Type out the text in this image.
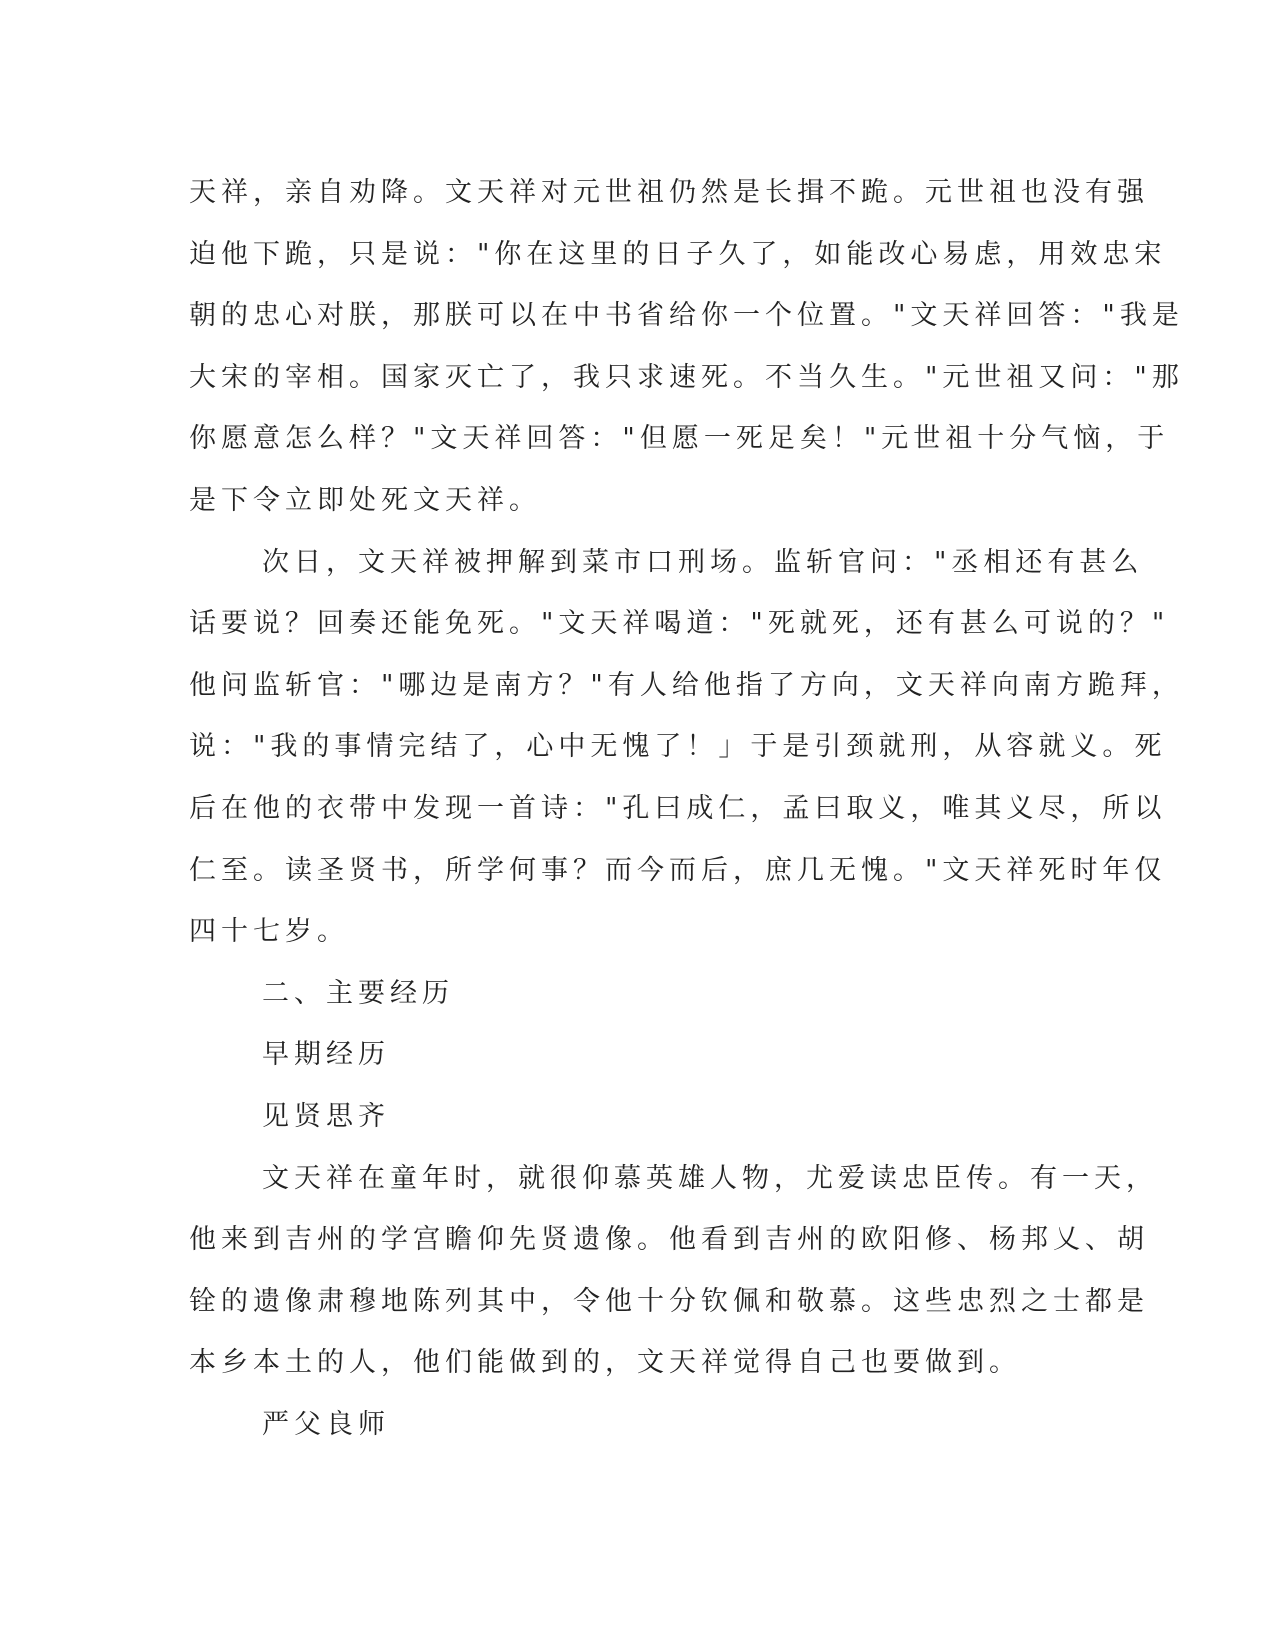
天祥，亲自劝降。文天祥对元世祖仍然是长揖不跪。元世祖也没有强
迫他下跪，只是说："你在这里的日子久了，如能改心易虑，用效忠宋
朝的忠心对朕，那朕可以在中书省给你一个位置。"文天祥回答："我是
大宋的宰相。国家灭亡了，我只求速死。不当久生。"元世祖又问："那
你愿意怎么样？"文天祥回答："但愿一死足矣！"元世祖十分气恼，于
是下令立即处死文天祥。
次日，文天祥被押解到菜市口刑场。监斩官问："丞相还有甚么
话要说？回奏还能免死。"文天祥喝道："死就死，还有甚么可说的？"
他问监斩官："哪边是南方？"有人给他指了方向，文天祥向南方跪拜，
说："我的事情完结了，心中无愧了！」于是引颈就刑，从容就义。死
后在他的衣带中发现一首诗："孔曰成仁，孟曰取义，唯其义尽，所以
仁至。读圣贤书，所学何事？而今而后，庶几无愧。"文天祥死时年仅
四十七岁。
二、主要经历
早期经历
见贤思齐
文天祥在童年时，就很仰慕英雄人物，尤爱读忠臣传。有一天，
他来到吉州的学宫瞻仰先贤遗像。他看到吉州的欧阳修、杨邦乂、胡
铨的遗像肃穆地陈列其中，令他十分钦佩和敬慕。这些忠烈之士都是
本乡本土的人，他们能做到的，文天祥觉得自己也要做到。
严父良师
